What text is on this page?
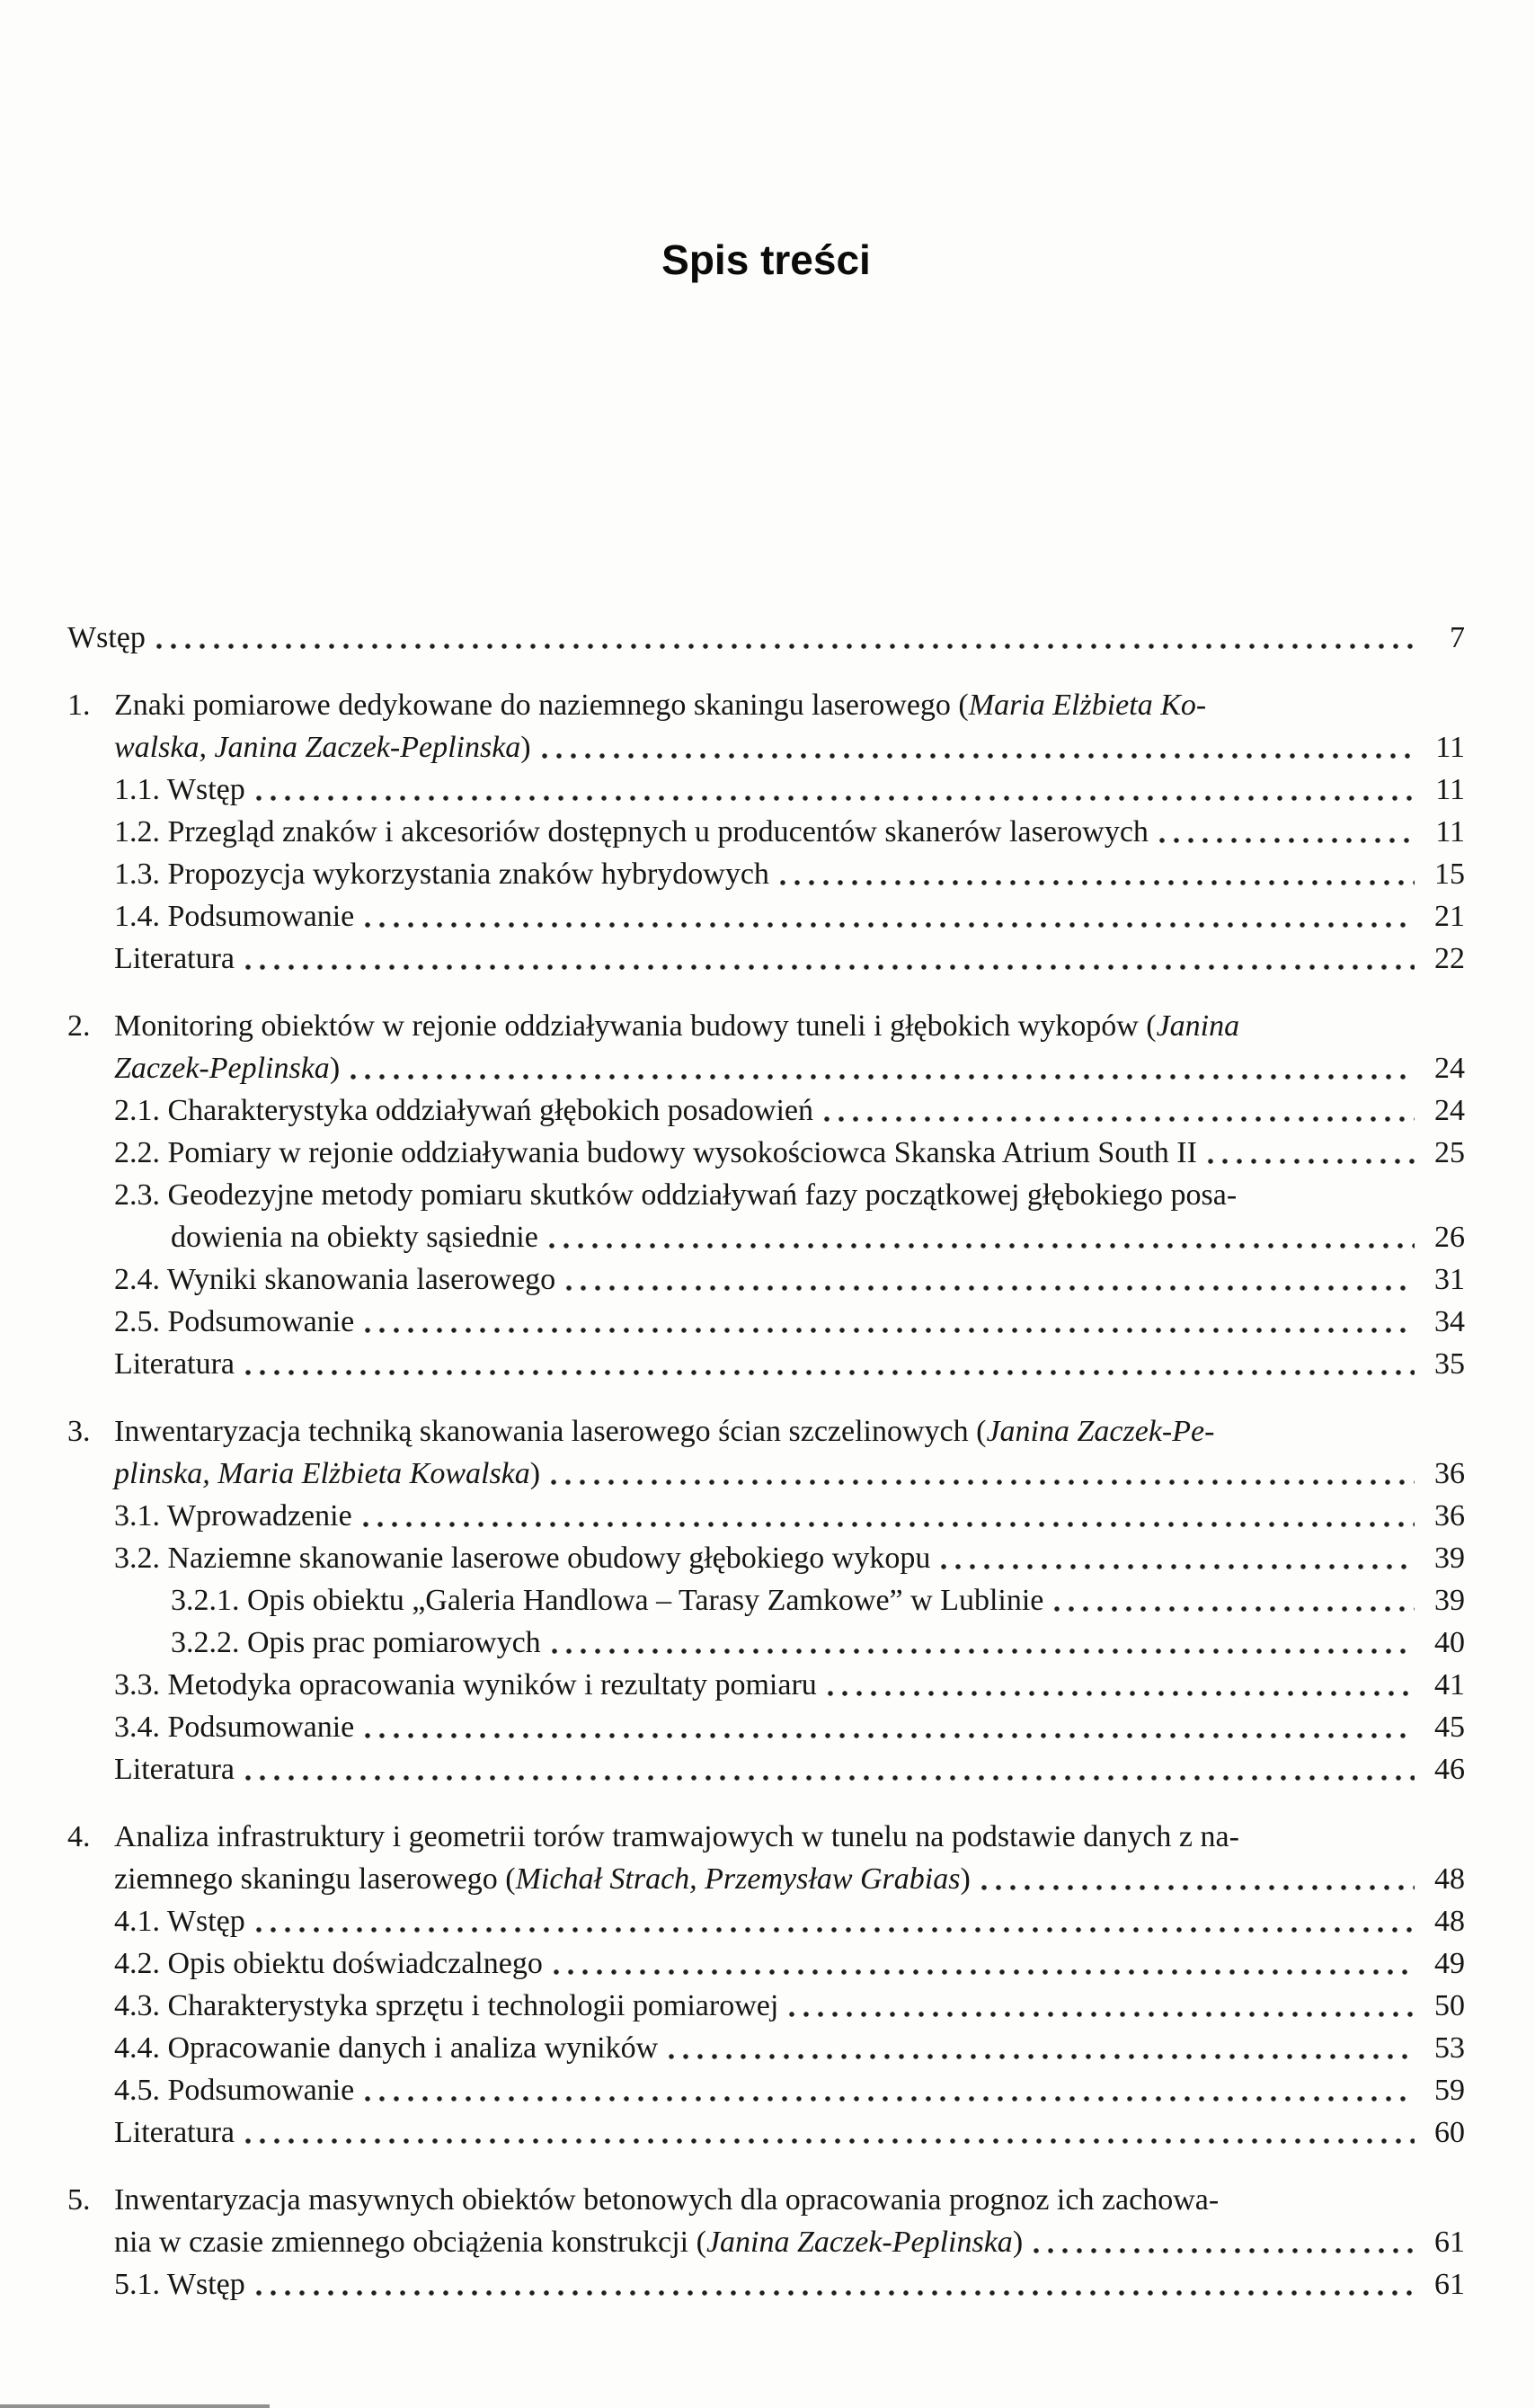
Spis treści
Wstęp	7
1. Znaki pomiarowe dedykowane do naziemnego skaningu laserowego (Maria Elżbieta Ko-
walska, Janina Zaczek-Peplinska)	11
1.1. Wstęp	11
1.2. Przegląd znaków i akcesoriów dostępnych u producentów skanerów laserowych	11
1.3. Propozycja wykorzystania znaków hybrydowych	15
1.4. Podsumowanie	21
Literatura	22
2. Monitoring obiektów w rejonie oddziaływania budowy tuneli i głębokich wykopów (Janina
Zaczek-Peplinska)	24
2.1. Charakterystyka oddziaływań głębokich posadowień	24
2.2. Pomiary w rejonie oddziaływania budowy wysokościowca Skanska Atrium South II	25
2.3. Geodezyjne metody pomiaru skutków oddziaływań fazy początkowej głębokiego posa-
dowienia na obiekty sąsiednie	26
2.4. Wyniki skanowania laserowego	31
2.5. Podsumowanie	34
Literatura	35
3. Inwentaryzacja techniką skanowania laserowego ścian szczelinowych (Janina Zaczek-Pe-
plinska, Maria Elżbieta Kowalska)	36
3.1. Wprowadzenie	36
3.2. Naziemne skanowanie laserowe obudowy głębokiego wykopu	39
3.2.1. Opis obiektu „Galeria Handlowa – Tarasy Zamkowe” w Lublinie	39
3.2.2. Opis prac pomiarowych	40
3.3. Metodyka opracowania wyników i rezultaty pomiaru	41
3.4. Podsumowanie	45
Literatura	46
4. Analiza infrastruktury i geometrii torów tramwajowych w tunelu na podstawie danych z na-
ziemnego skaningu laserowego (Michał Strach, Przemysław Grabias)	48
4.1. Wstęp	48
4.2. Opis obiektu doświadczalnego	49
4.3. Charakterystyka sprzętu i technologii pomiarowej	50
4.4. Opracowanie danych i analiza wyników	53
4.5. Podsumowanie	59
Literatura	60
5. Inwentaryzacja masywnych obiektów betonowych dla opracowania prognoz ich zachowa-
nia w czasie zmiennego obciążenia konstrukcji (Janina Zaczek-Peplinska)	61
5.1. Wstęp	61
